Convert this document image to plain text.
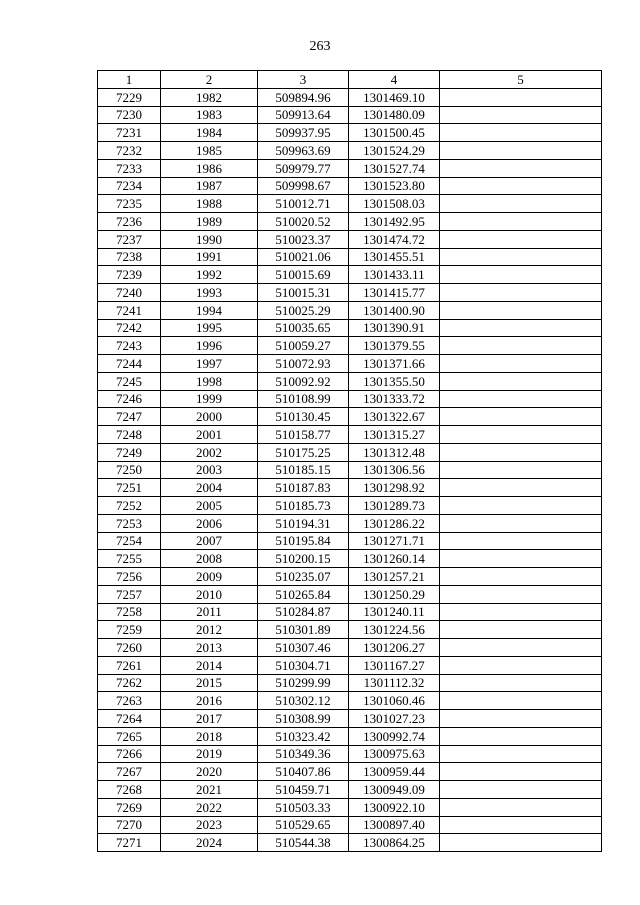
263
1	2	3	4	5
7229	1982	509894.96	1301469.10	
7230	1983	509913.64	1301480.09	
7231	1984	509937.95	1301500.45	
7232	1985	509963.69	1301524.29	
7233	1986	509979.77	1301527.74	
7234	1987	509998.67	1301523.80	
7235	1988	510012.71	1301508.03	
7236	1989	510020.52	1301492.95	
7237	1990	510023.37	1301474.72	
7238	1991	510021.06	1301455.51	
7239	1992	510015.69	1301433.11	
7240	1993	510015.31	1301415.77	
7241	1994	510025.29	1301400.90	
7242	1995	510035.65	1301390.91	
7243	1996	510059.27	1301379.55	
7244	1997	510072.93	1301371.66	
7245	1998	510092.92	1301355.50	
7246	1999	510108.99	1301333.72	
7247	2000	510130.45	1301322.67	
7248	2001	510158.77	1301315.27	
7249	2002	510175.25	1301312.48	
7250	2003	510185.15	1301306.56	
7251	2004	510187.83	1301298.92	
7252	2005	510185.73	1301289.73	
7253	2006	510194.31	1301286.22	
7254	2007	510195.84	1301271.71	
7255	2008	510200.15	1301260.14	
7256	2009	510235.07	1301257.21	
7257	2010	510265.84	1301250.29	
7258	2011	510284.87	1301240.11	
7259	2012	510301.89	1301224.56	
7260	2013	510307.46	1301206.27	
7261	2014	510304.71	1301167.27	
7262	2015	510299.99	1301112.32	
7263	2016	510302.12	1301060.46	
7264	2017	510308.99	1301027.23	
7265	2018	510323.42	1300992.74	
7266	2019	510349.36	1300975.63	
7267	2020	510407.86	1300959.44	
7268	2021	510459.71	1300949.09	
7269	2022	510503.33	1300922.10	
7270	2023	510529.65	1300897.40	
7271	2024	510544.38	1300864.25	
